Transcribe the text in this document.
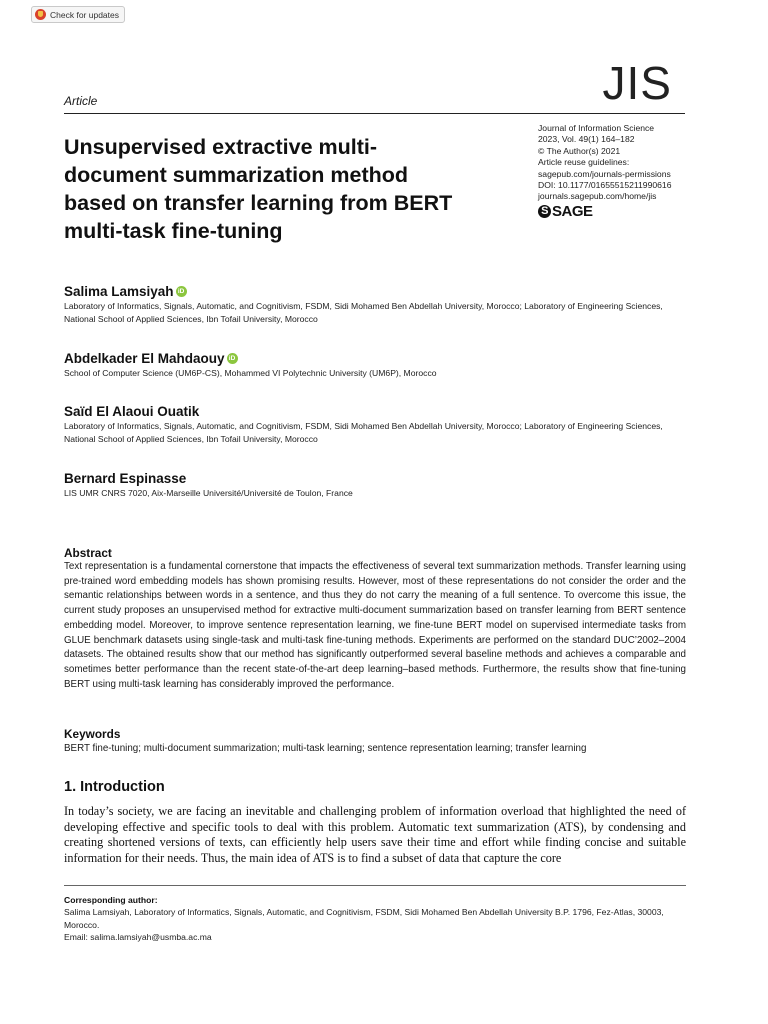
Check for updates
JIS
Article
Unsupervised extractive multi-document summarization method based on transfer learning from BERT multi-task fine-tuning
Journal of Information Science
2023, Vol. 49(1) 164–182
© The Author(s) 2021
Article reuse guidelines:
sagepub.com/journals-permissions
DOI: 10.1177/01655515211990616
journals.sagepub.com/home/jis
S SAGE
Salima Lamsiyah iD
Laboratory of Informatics, Signals, Automatic, and Cognitivism, FSDM, Sidi Mohamed Ben Abdellah University, Morocco; Laboratory of Engineering Sciences, National School of Applied Sciences, Ibn Tofail University, Morocco
Abdelkader El Mahdaouy iD
School of Computer Science (UM6P-CS), Mohammed VI Polytechnic University (UM6P), Morocco
Saïd El Alaoui Ouatik
Laboratory of Informatics, Signals, Automatic, and Cognitivism, FSDM, Sidi Mohamed Ben Abdellah University, Morocco; Laboratory of Engineering Sciences, National School of Applied Sciences, Ibn Tofail University, Morocco
Bernard Espinasse
LIS UMR CNRS 7020, Aix-Marseille Université/Université de Toulon, France
Abstract

Text representation is a fundamental cornerstone that impacts the effectiveness of several text summarization methods. Transfer learning using pre-trained word embedding models has shown promising results. However, most of these representations do not consider the order and the semantic relationships between words in a sentence, and thus they do not carry the meaning of a full sentence. To overcome this issue, the current study proposes an unsupervised method for extractive multi-document summarization based on transfer learning from BERT sentence embedding model. Moreover, to improve sentence representation learning, we fine-tune BERT model on supervised intermediate tasks from GLUE benchmark datasets using single-task and multi-task fine-tuning methods. Experiments are performed on the standard DUC’2002–2004 datasets. The obtained results show that our method has significantly outperformed several baseline methods and achieves a comparable and sometimes better performance than the recent state-of-the-art deep learning–based methods. Furthermore, the results show that fine-tuning BERT using multi-task learning has considerably improved the performance.

Keywords
BERT fine-tuning; multi-document summarization; multi-task learning; sentence representation learning; transfer learning
1. Introduction

In today’s society, we are facing an inevitable and challenging problem of information overload that highlighted the need of developing effective and specific tools to deal with this problem. Automatic text summarization (ATS), by condensing and creating shortened versions of texts, can efficiently help users save their time and effort while finding concise and suitable information for their needs. Thus, the main idea of ATS is to find a subset of data that capture the core

Corresponding author:
Salima Lamsiyah, Laboratory of Informatics, Signals, Automatic, and Cognitivism, FSDM, Sidi Mohamed Ben Abdellah University B.P. 1796, Fez-Atlas, 30003, Morocco.
Email: salima.lamsiyah@usmba.ac.ma
